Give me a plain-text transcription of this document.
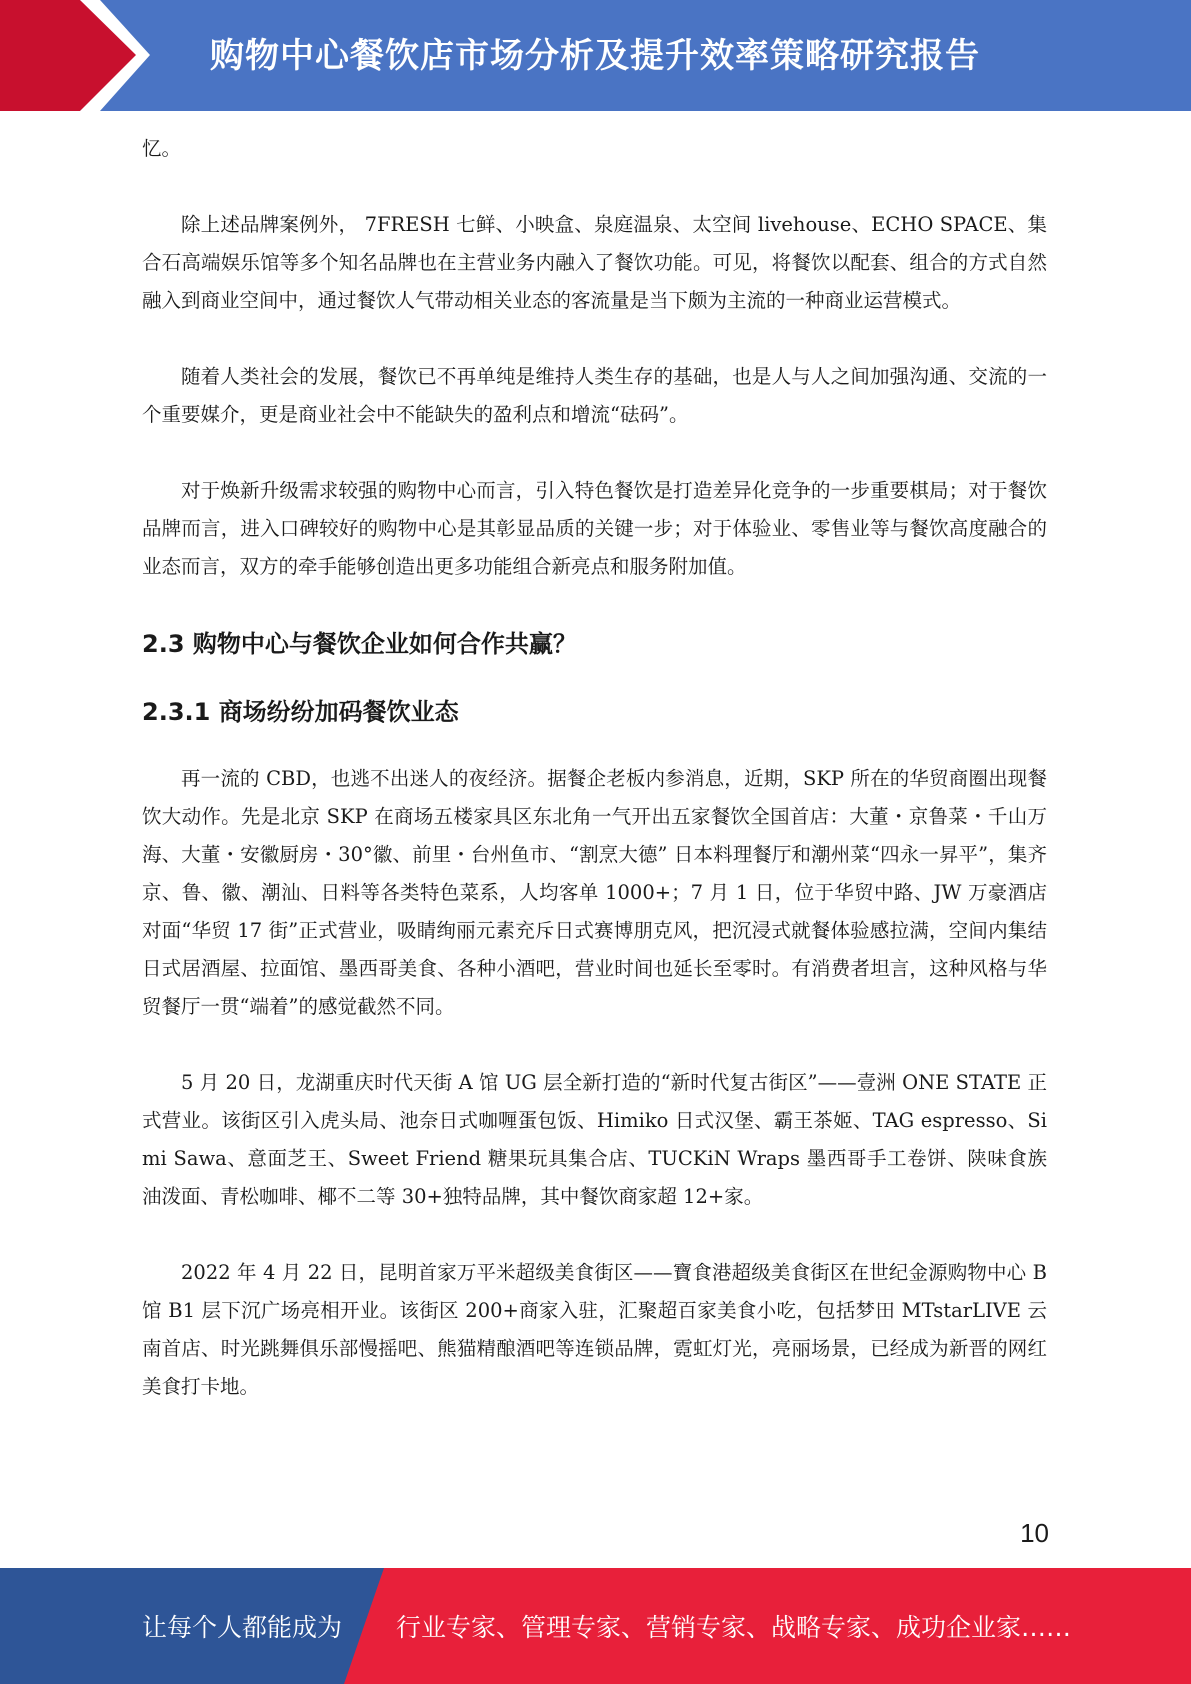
购物中心餐饮店市场分析及提升效率策略研究报告

忆。

除上述品牌案例外， 7FRESH 七鲜、小映盒、泉庭温泉、太空间 livehouse、ECHO SPACE、集合石高端娱乐馆等多个知名品牌也在主营业务内融入了餐饮功能。可见，将餐饮以配套、组合的方式自然融入到商业空间中，通过餐饮人气带动相关业态的客流量是当下颇为主流的一种商业运营模式。

随着人类社会的发展，餐饮已不再单纯是维持人类生存的基础，也是人与人之间加强沟通、交流的一个重要媒介，更是商业社会中不能缺失的盈利点和增流“砝码”。

对于焕新升级需求较强的购物中心而言，引入特色餐饮是打造差异化竞争的一步重要棋局；对于餐饮品牌而言，进入口碑较好的购物中心是其彰显品质的关键一步；对于体验业、零售业等与餐饮高度融合的业态而言，双方的牵手能够创造出更多功能组合新亮点和服务附加值。

2.3 购物中心与餐饮企业如何合作共赢？
2.3.1 商场纷纷加码餐饮业态

再一流的 CBD，也逃不出迷人的夜经济。据餐企老板内参消息，近期，SKP 所在的华贸商圈出现餐饮大动作。先是北京 SKP 在商场五楼家具区东北角一气开出五家餐饮全国首店：大董・京鲁菜・千山万海、大董・安徽厨房・30°徽、前里・台州鱼市、“割烹大德” 日本料理餐厅和潮州菜“四永一昇平”，集齐京、鲁、徽、潮汕、日料等各类特色菜系，人均客单 1000+；7 月 1 日，位于华贸中路、JW 万豪酒店对面“华贸 17 街”正式营业，吸睛绚丽元素充斥日式赛博朋克风，把沉浸式就餐体验感拉满，空间内集结日式居酒屋、拉面馆、墨西哥美食、各种小酒吧，营业时间也延长至零时。有消费者坦言，这种风格与华贸餐厅一贯“端着”的感觉截然不同。

5 月 20 日，龙湖重庆时代天街 A 馆 UG 层全新打造的“新时代复古街区”——壹洲 ONE STATE 正式营业。该街区引入虎头局、池奈日式咖喱蛋包饭、Himiko 日式汉堡、霸王茶姬、TAG espresso、Simi Sawa、意面芝王、Sweet Friend 糖果玩具集合店、TUCKiN Wraps 墨西哥手工卷饼、陕味食族油泼面、青松咖啡、椰不二等 30+独特品牌，其中餐饮商家超 12+家。

2022 年 4 月 22 日，昆明首家万平米超级美食街区——寶食港超级美食街区在世纪金源购物中心 B 馆 B1 层下沉广场亮相开业。该街区 200+商家入驻，汇聚超百家美食小吃，包括梦田 MTstarLIVE 云南首店、时光跳舞俱乐部慢摇吧、熊猫精酿酒吧等连锁品牌，霓虹灯光，亮丽场景，已经成为新晋的网红美食打卡地。

10
让每个人都能成为 行业专家、管理专家、营销专家、战略专家、成功企业家……
